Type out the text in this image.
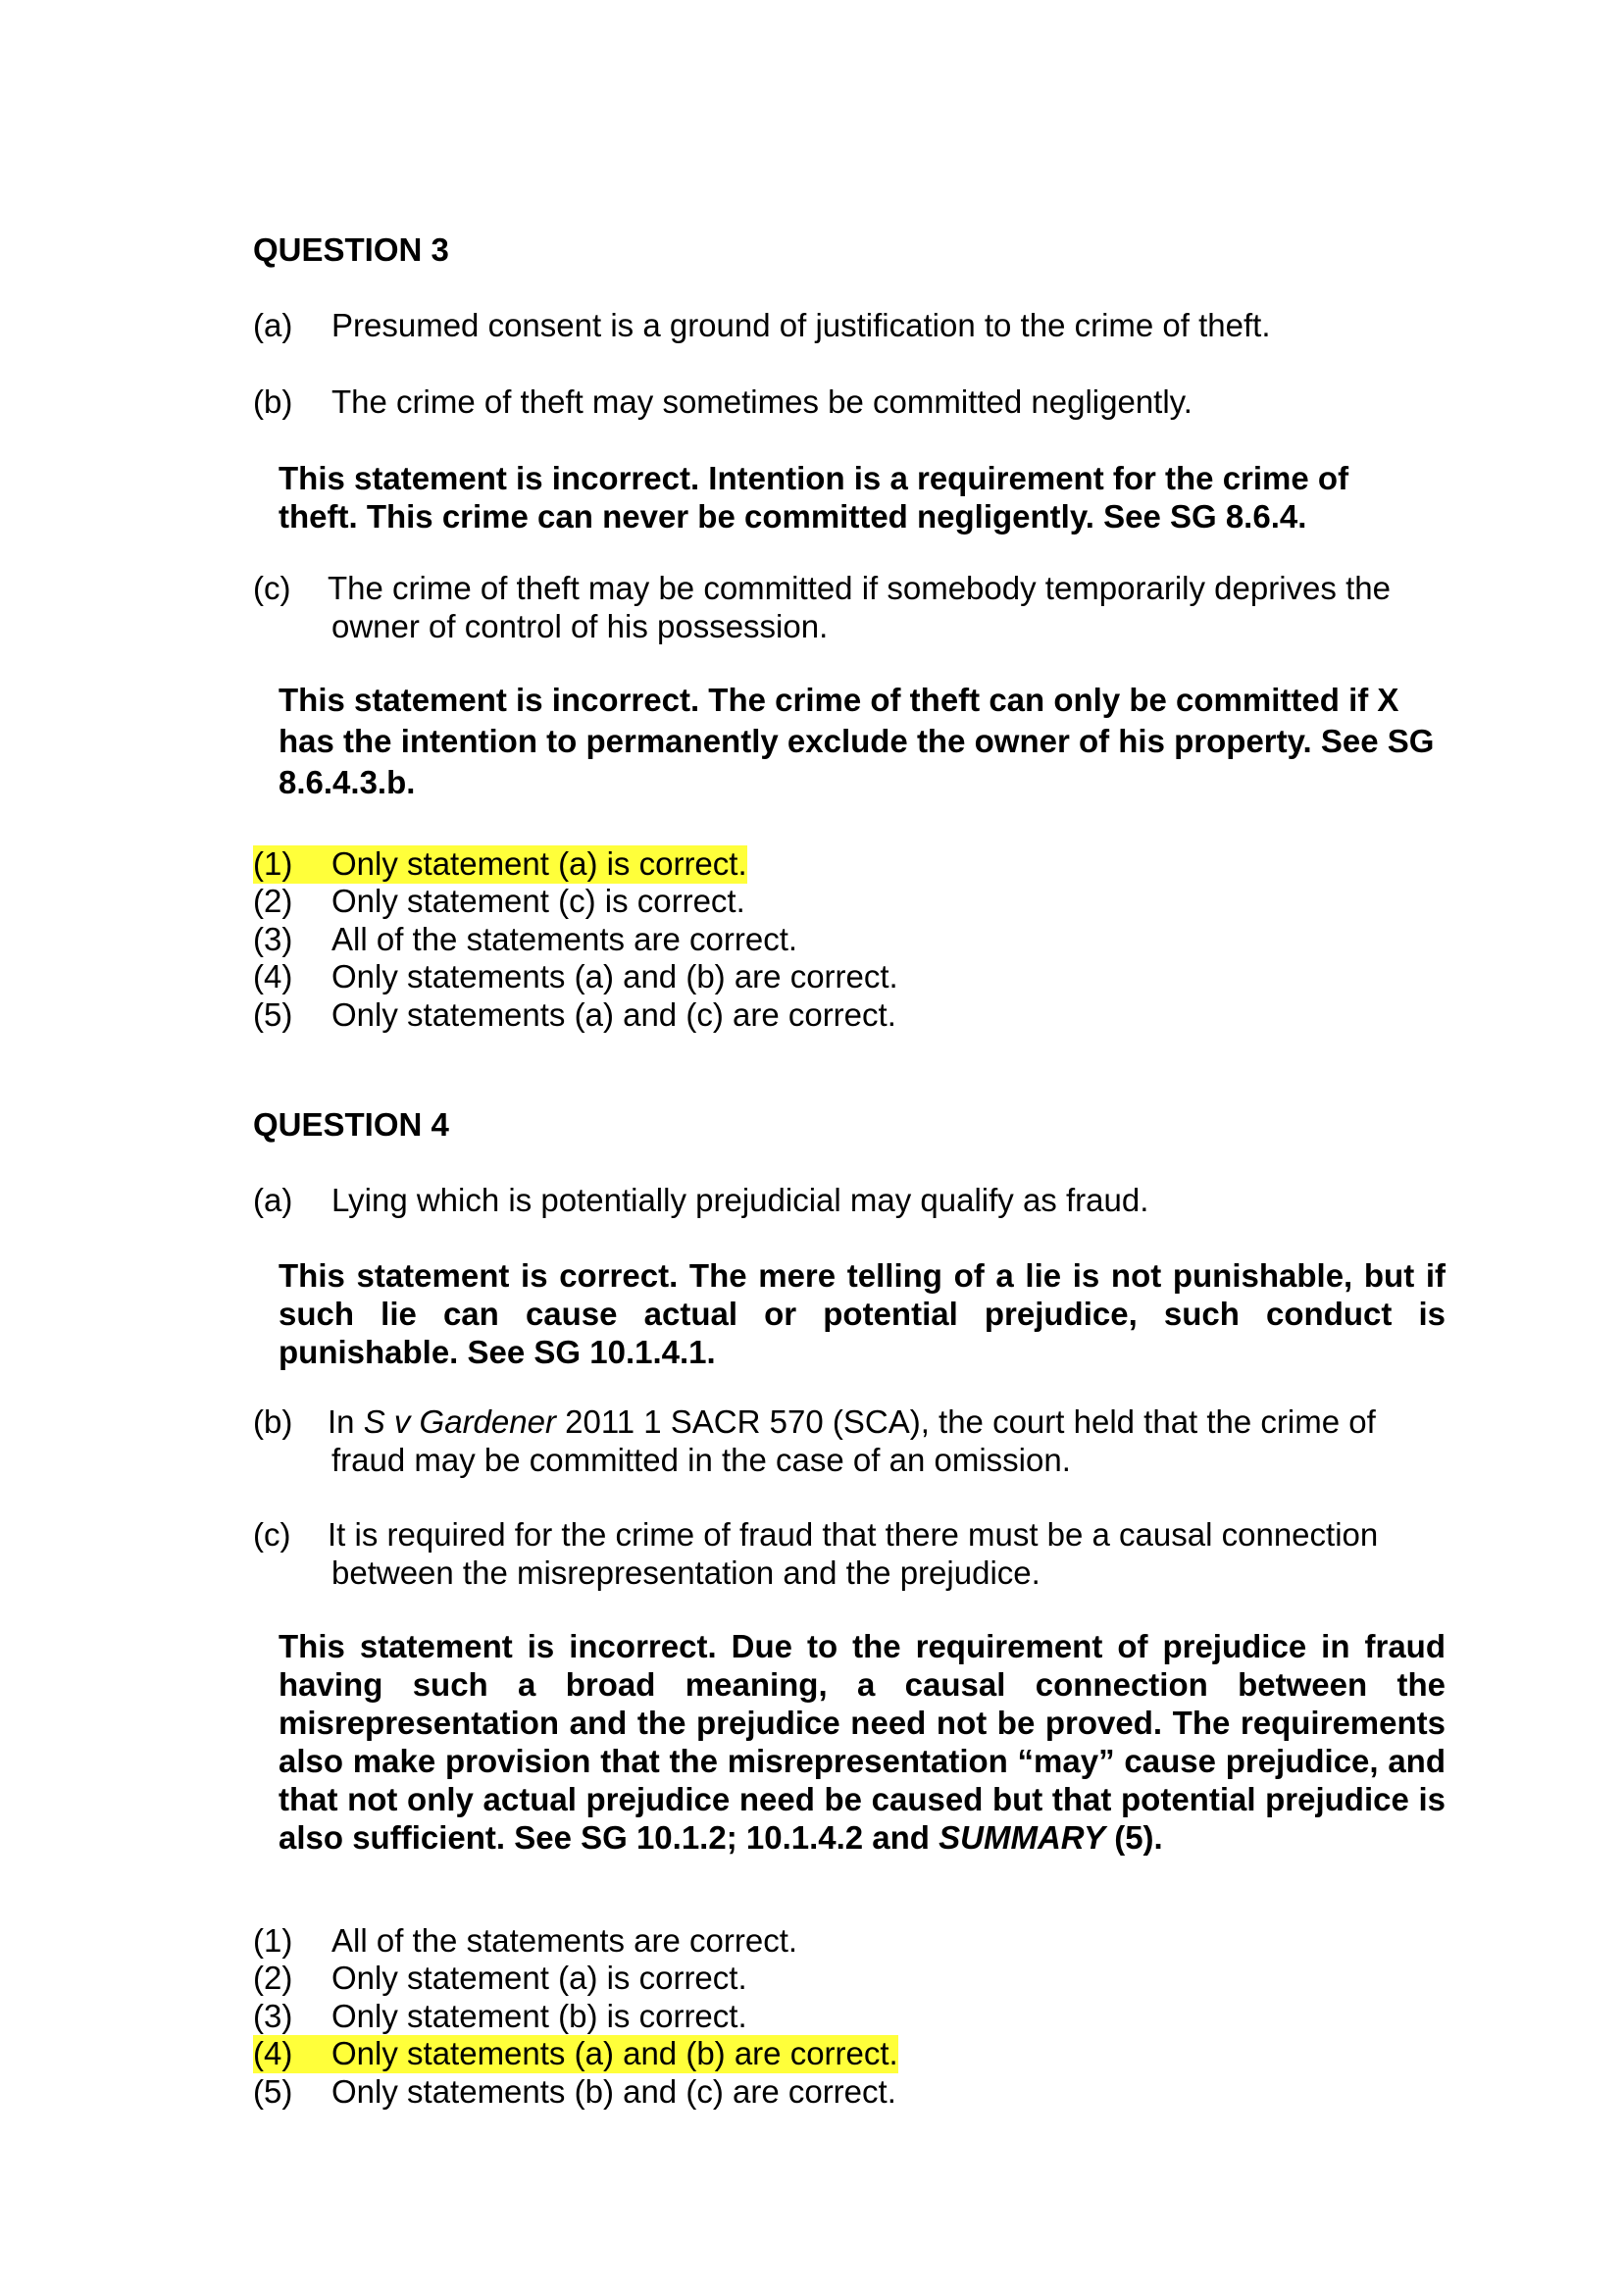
QUESTION 3
(a) Presumed consent is a ground of justification to the crime of theft.
(b) The crime of theft may sometimes be committed negligently.
This statement is incorrect. Intention is a requirement for the crime of theft. This crime can never be committed negligently. See SG 8.6.4.
(c) The crime of theft may be committed if somebody temporarily deprives the
owner of control of his possession.
This statement is incorrect. The crime of theft can only be committed if X has the intention to permanently exclude the owner of his property. See SG 8.6.4.3.b.
(1) Only statement (a) is correct.
(2) Only statement (c) is correct.
(3) All of the statements are correct.
(4) Only statements (a) and (b) are correct.
(5) Only statements (a) and (c) are correct.
QUESTION 4
(a) Lying which is potentially prejudicial may qualify as fraud.
This statement is correct. The mere telling of a lie is not punishable, but if such lie can cause actual or potential prejudice, such conduct is punishable. See SG 10.1.4.1.
(b) In S v Gardener 2011 1 SACR 570 (SCA), the court held that the crime of
fraud may be committed in the case of an omission.
(c) It is required for the crime of fraud that there must be a causal connection
between the misrepresentation and the prejudice.
This statement is incorrect. Due to the requirement of prejudice in fraud having such a broad meaning, a causal connection between the misrepresentation and the prejudice need not be proved. The requirements also make provision that the misrepresentation “may” cause prejudice, and that not only actual prejudice need be caused but that potential prejudice is also sufficient. See SG 10.1.2; 10.1.4.2 and SUMMARY (5).
(1) All of the statements are correct.
(2) Only statement (a) is correct.
(3) Only statement (b) is correct.
(4) Only statements (a) and (b) are correct.
(5) Only statements (b) and (c) are correct.
